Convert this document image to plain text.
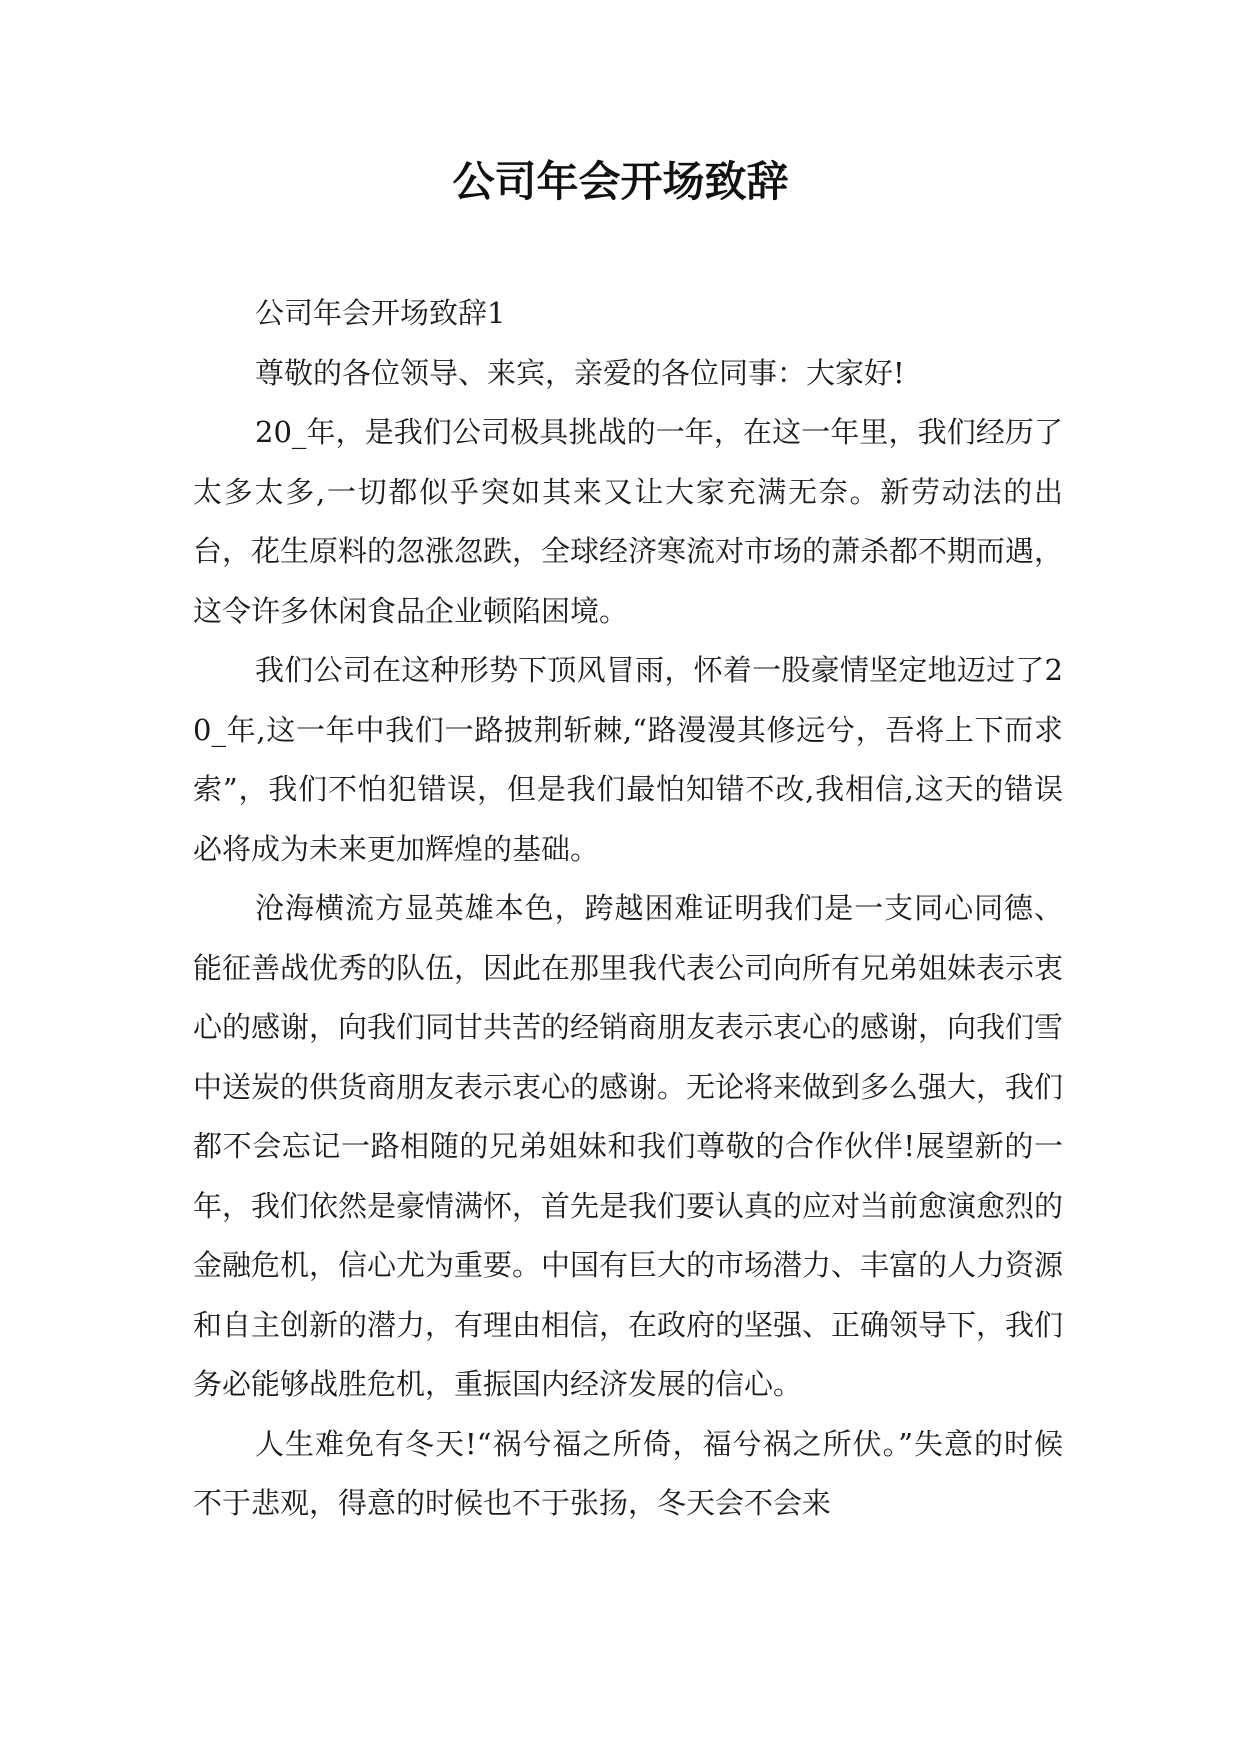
公司年会开场致辞

公司年会开场致辞1

尊敬的各位领导、来宾，亲爱的各位同事：大家好!

20_年，是我们公司极具挑战的一年，在这一年里，我们经历了太多太多,一切都似乎突如其来又让大家充满无奈。新劳动法的出台，花生原料的忽涨忽跌，全球经济寒流对市场的萧杀都不期而遇，这令许多休闲食品企业顿陷困境。

我们公司在这种形势下顶风冒雨，怀着一股豪情坚定地迈过了20_年,这一年中我们一路披荆斩棘,“路漫漫其修远兮，吾将上下而求索”，我们不怕犯错误，但是我们最怕知错不改,我相信,这天的错误必将成为未来更加辉煌的基础。

沧海横流方显英雄本色，跨越困难证明我们是一支同心同德、能征善战优秀的队伍，因此在那里我代表公司向所有兄弟姐妹表示衷心的感谢，向我们同甘共苦的经销商朋友表示衷心的感谢，向我们雪中送炭的供货商朋友表示衷心的感谢。无论将来做到多么强大，我们都不会忘记一路相随的兄弟姐妹和我们尊敬的合作伙伴!展望新的一年，我们依然是豪情满怀，首先是我们要认真的应对当前愈演愈烈的金融危机，信心尤为重要。中国有巨大的市场潜力、丰富的人力资源和自主创新的潜力，有理由相信，在政府的坚强、正确领导下，我们务必能够战胜危机，重振国内经济发展的信心。

人生难免有冬天!“祸兮福之所倚，福兮祸之所伏。”失意的时候不于悲观，得意的时候也不于张扬，冬天会不会来
